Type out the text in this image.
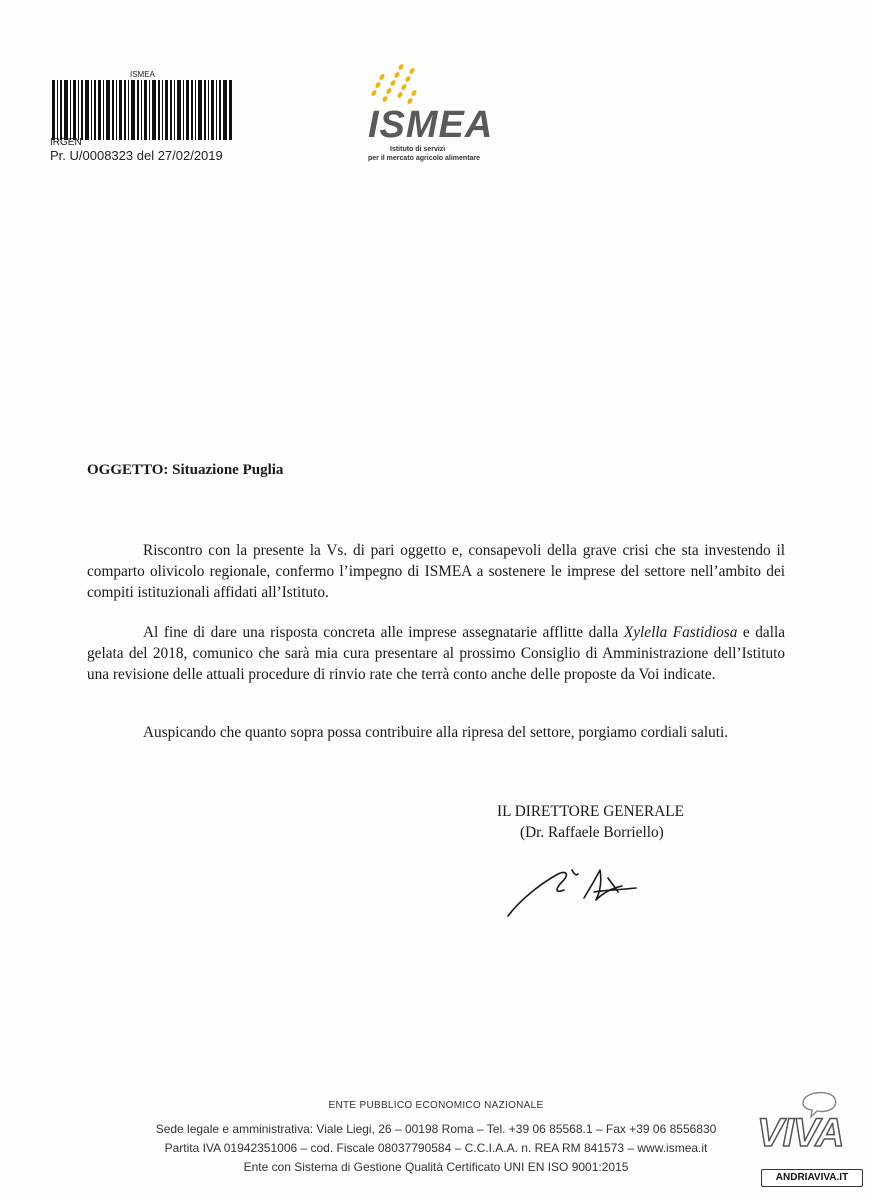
ISMEA
IRGEN
Pr. U/0008323 del 27/02/2019
ISMEA
Istituto di servizi
per il mercato agricolo alimentare
OGGETTO: Situazione Puglia

Riscontro con la presente la Vs. di pari oggetto e, consapevoli della grave crisi che sta investendo il comparto olivicolo regionale, confermo l’impegno di ISMEA a sostenere le imprese del settore nell’ambito dei compiti istituzionali affidati all’Istituto.

Al fine di dare una risposta concreta alle imprese assegnatarie afflitte dalla Xylella Fastidiosa e dalla gelata del 2018, comunico che sarà mia cura presentare al prossimo Consiglio di Amministrazione dell’Istituto una revisione delle attuali procedure di rinvio rate che terrà conto anche delle proposte da Voi indicate.

Auspicando che quanto sopra possa contribuire alla ripresa del settore, porgiamo cordiali saluti.

IL DIRETTORE GENERALE
(Dr. Raffaele Borriello)
ENTE PUBBLICO ECONOMICO NAZIONALE
Sede legale e amministrativa: Viale Liegi, 26 – 00198 Roma – Tel. +39 06 85568.1 – Fax +39 06 8556830
Partita IVA 01942351006 – cod. Fiscale 08037790584 – C.C.I.A.A. n. REA RM 841573 – www.ismea.it
Ente con Sistema di Gestione Qualità Certificato UNI EN ISO 9001:2015
VIVA
ANDRIAVIVA.IT
